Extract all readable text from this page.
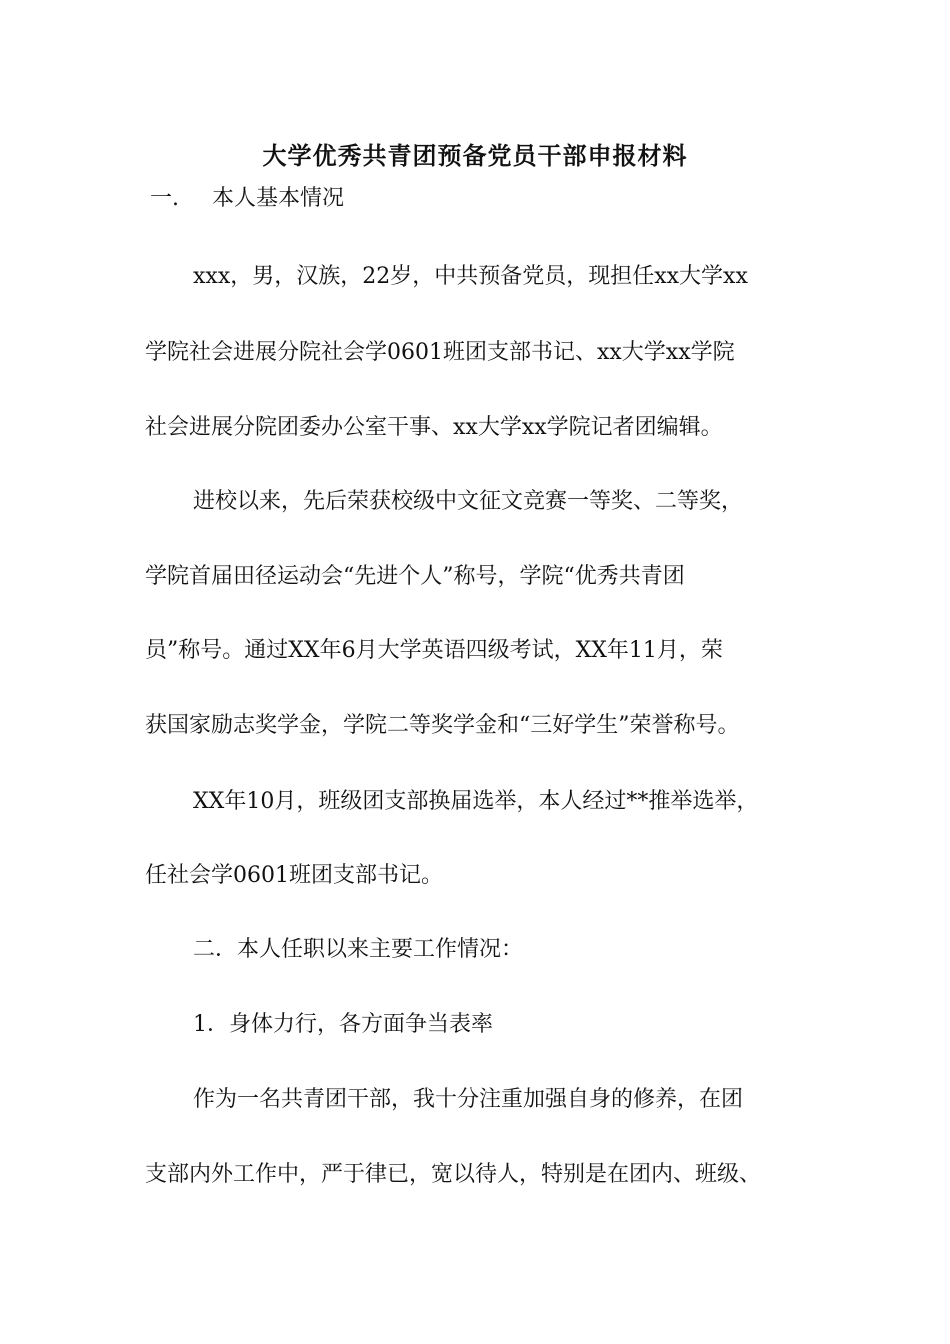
大学优秀共青团预备党员干部申报材料
一. 本人基本情况
xxx，男，汉族，22岁，中共预备党员，现担任xx大学xx
学院社会进展分院社会学0601班团支部书记、xx大学xx学院
社会进展分院团委办公室干事、xx大学xx学院记者团编辑。
进校以来，先后荣获校级中文征文竞赛一等奖、二等奖，
学院首届田径运动会“先进个人”称号，学院“优秀共青团
员”称号。通过XX年6月大学英语四级考试，XX年11月，荣
获国家励志奖学金，学院二等奖学金和“三好学生”荣誉称号。
XX年10月，班级团支部换届选举，本人经过**推举选举，
任社会学0601班团支部书记。
二．本人任职以来主要工作情况：
1．身体力行，各方面争当表率
作为一名共青团干部，我十分注重加强自身的修养，在团
支部内外工作中，严于律已，宽以待人，特别是在团内、班级、
